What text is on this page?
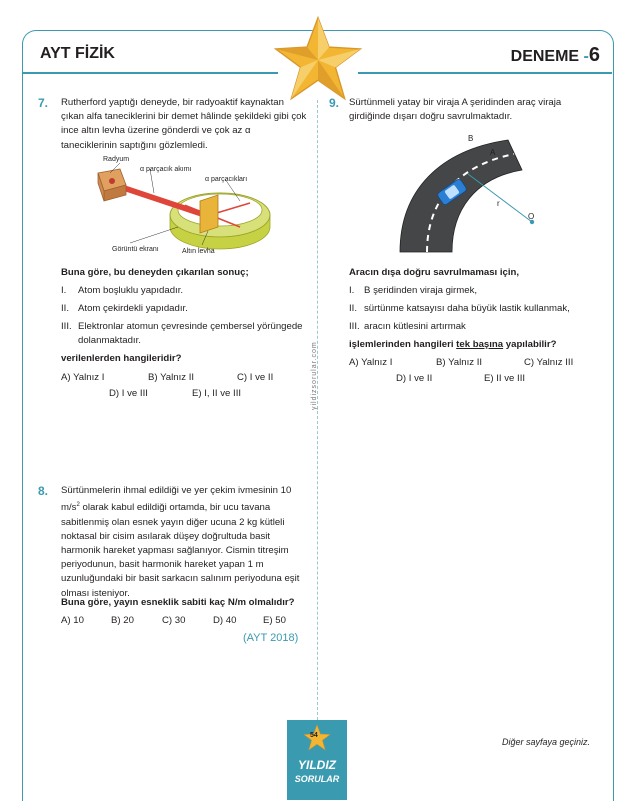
AYT FİZİK	DENEME -6
yildizsorular.com
7. Rutherford yaptığı deneyde, bir radyoaktif kaynaktan çıkan alfa taneciklerini bir demet hâlinde şekildeki gibi çok ince altın levha üzerine gönderdi ve çok az α taneciklerinin saptığını gözlemledi.
Radyum
α parçacık akımı
α parçacıkları
Görüntü ekranı	Altın levha
Buna göre, bu deneyden çıkarılan sonuç;
I. Atom boşluklu yapıdadır.
II. Atom çekirdekli yapıdadır.
III. Elektronlar atomun çevresinde çembersel yörüngede dolanmaktadır.
verilenlerden hangileridir?
A) Yalnız I	B) Yalnız II	C) I ve II
D) I ve III	E) I, II ve III
8. Sürtünmelerin ihmal edildiği ve yer çekim ivmesinin 10 $m/s^2$ olarak kabul edildiği ortamda, bir ucu tavana sabitlenmiş olan esnek yayın diğer ucuna 2 kg kütleli noktasal bir cisim asılarak düşey doğrultuda basit harmonik hareket yapması sağlanıyor. Cismin titreşim periyodunun, basit harmonik hareket yapan 1 m uzunluğundaki bir basit sarkacın salınım periyoduna eşit olması isteniyor.
Buna göre, yayın esneklik sabiti kaç N/m olmalıdır?
A) 10	B) 20	C) 30	D) 40	E) 50
(AYT 2018)
9. Sürtünmeli yatay bir viraja A şeridinden araç viraja girdiğinde dışarı doğru savrulmaktadır.
B
A
r
O
Aracın dışa doğru savrulmaması için,
I. B şeridinden viraja girmek,
II. sürtünme katsayısı daha büyük lastik kullanmak,
III. aracın kütlesini artırmak
işlemlerinden hangileri tek başına yapılabilir?
A) Yalnız I	B) Yalnız II	C) Yalnız III
D) I ve II	E) II ve III
Diğer sayfaya geçiniz.
54
YILDIZ
SORULAR
